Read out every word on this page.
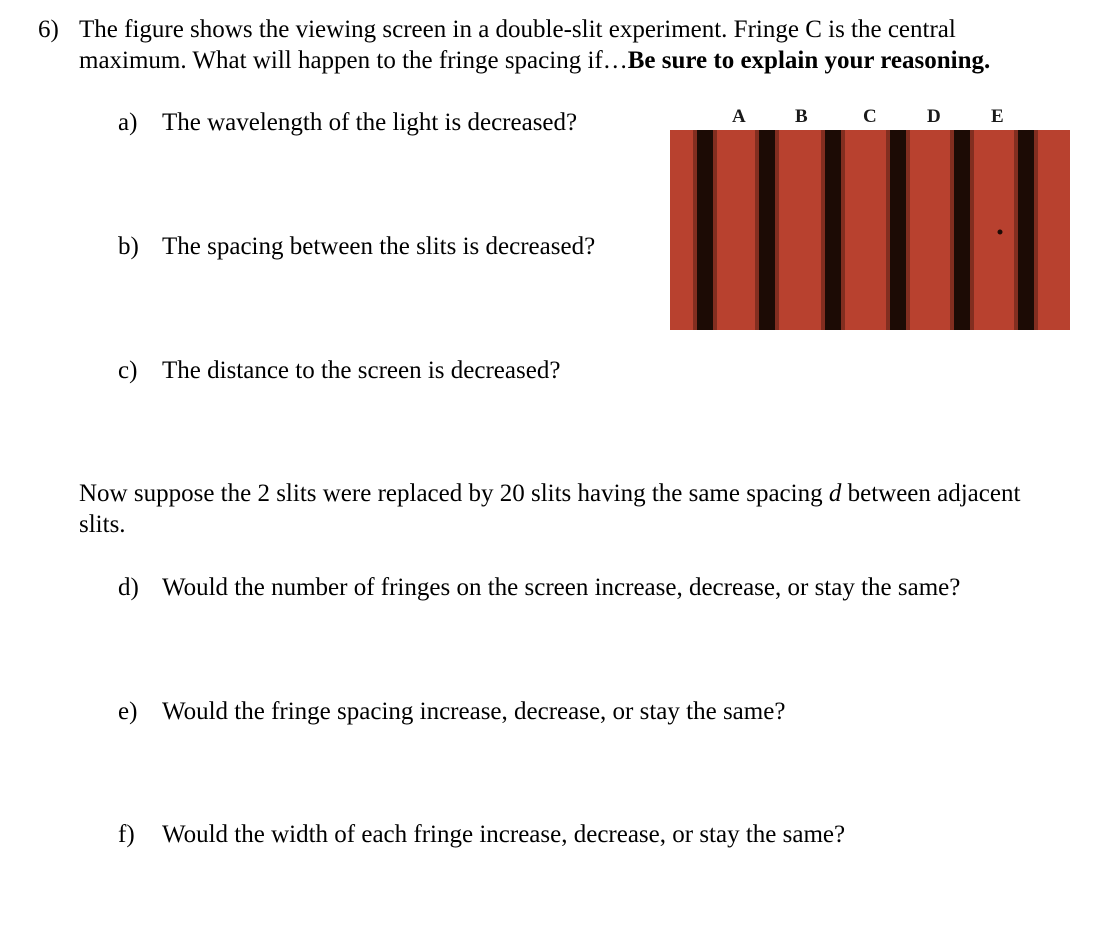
6) The figure shows the viewing screen in a double-slit experiment. Fringe C is the central maximum. What will happen to the fringe spacing if…Be sure to explain your reasoning.
a) The wavelength of the light is decreased?
b) The spacing between the slits is decreased?
c) The distance to the screen is decreased?
A	B	C	D	E
Now suppose the 2 slits were replaced by 20 slits having the same spacing d between adjacent slits.
d) Would the number of fringes on the screen increase, decrease, or stay the same?
e) Would the fringe spacing increase, decrease, or stay the same?
f) Would the width of each fringe increase, decrease, or stay the same?
